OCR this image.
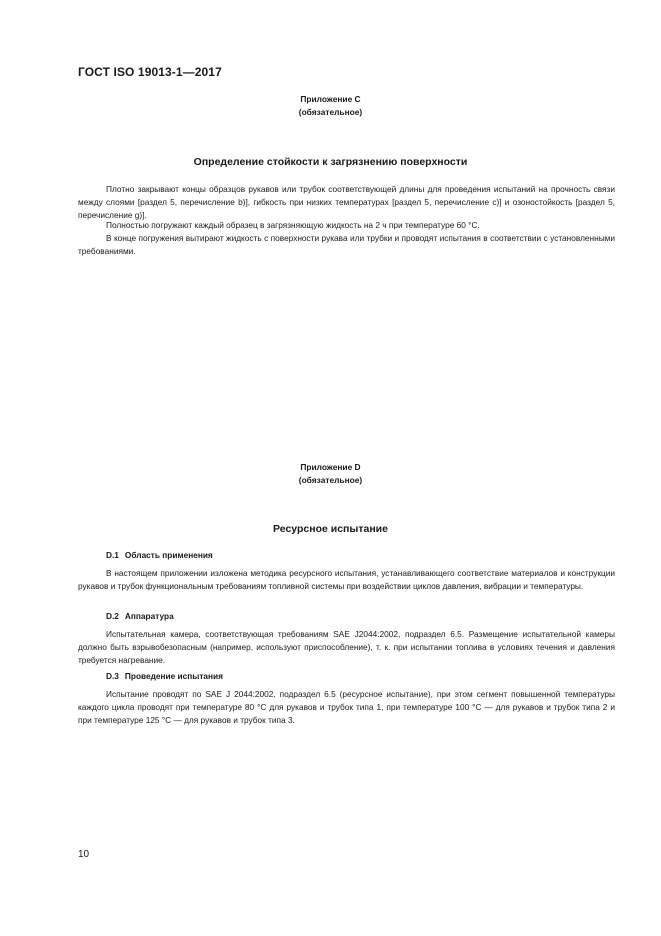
ГОСТ ISO 19013-1—2017
Приложение С
(обязательное)
Определение стойкости к загрязнению поверхности

Плотно закрывают концы образцов рукавов или трубок соответствующей длины для проведения испытаний на прочность связи между слоями [раздел 5, перечисление b)], гибкость при низких температурах [раздел 5, перечисление с)] и озоностойкость [раздел 5, перечисление g)].

Полностью погружают каждый образец в загрязняющую жидкость на 2 ч при температуре 60 °С.

В конце погружения вытирают жидкость с поверхности рукава или трубки и проводят испытания в соответствии с установленными требованиями.

Приложение D
(обязательное)
Ресурсное испытание
D.1 Область применения

В настоящем приложении изложена методика ресурсного испытания, устанавливающего соответствие материалов и конструкции рукавов и трубок функциональным требованиям топливной системы при воздействии циклов давления, вибрации и температуры.

D.2 Аппаратура

Испытательная камера, соответствующая требованиям SAE J2044:2002, подраздел 6.5. Размещение испытательной камеры должно быть взрывобезопасным (например, используют приспособление), т. к. при испытании топлива в условиях течения и давления требуется нагревание.

D.3 Проведение испытания

Испытание проводят по SAE J 2044:2002, подраздел 6.5 (ресурсное испытание), при этом сегмент повышенной температуры каждого цикла проводят при температуре 80 °С для рукавов и трубок типа 1, при температуре 100 °С — для рукавов и трубок типа 2 и при температуре 125 °С — для рукавов и трубок типа 3.

10
